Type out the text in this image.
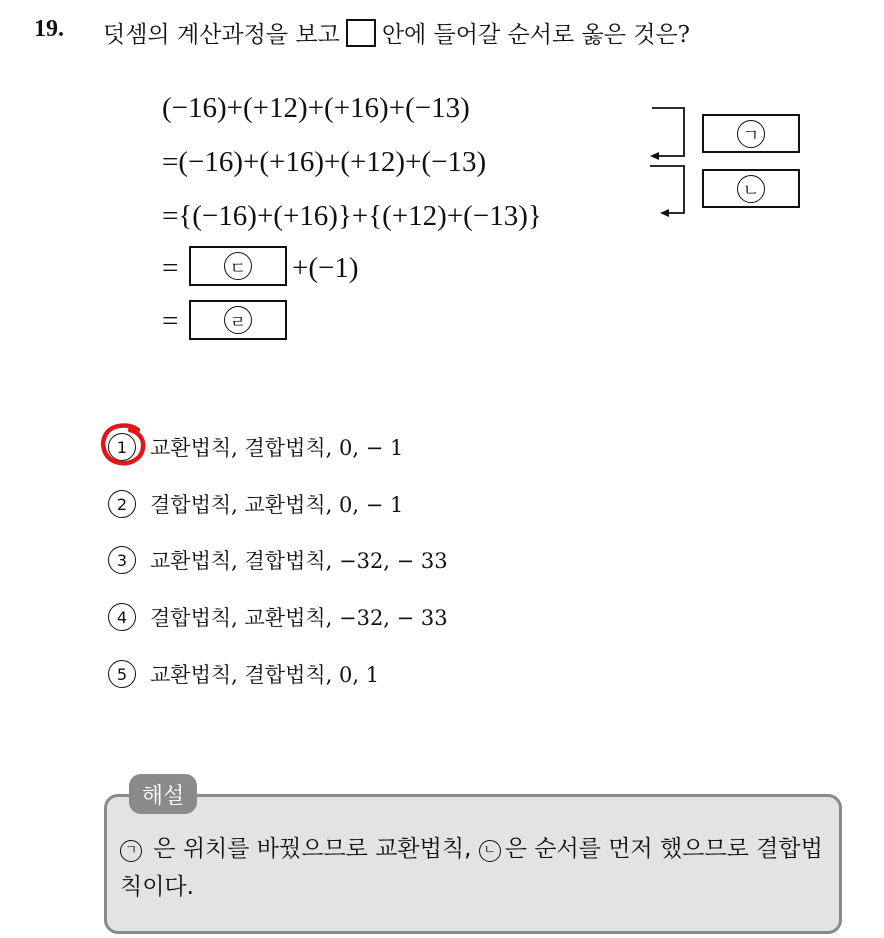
19. 덧셈의 계산과정을 보고 안에 들어갈 순서로 옳은 것은?
(−16)+(+12)+(+16)+(−13)
=(−16)+(+16)+(+12)+(−13)
={(−16)+(+16)}+{(+12)+(−13)}
=	ㄷ +(−1)
=	ㄹ
ㄱ
ㄴ
1	교환법칙, 결합법칙, 0, − 1
2	결합법칙, 교환법칙, 0, − 1
3	교환법칙, 결합법칙, −32, − 33
4	결합법칙, 교환법칙, −32, − 33
5	교환법칙, 결합법칙, 0, 1
해설
ㄱ 은 위치를 바꿨으므로 교환법칙, ㄴ 은 순서를 먼저 했으므로 결합법칙이다.
